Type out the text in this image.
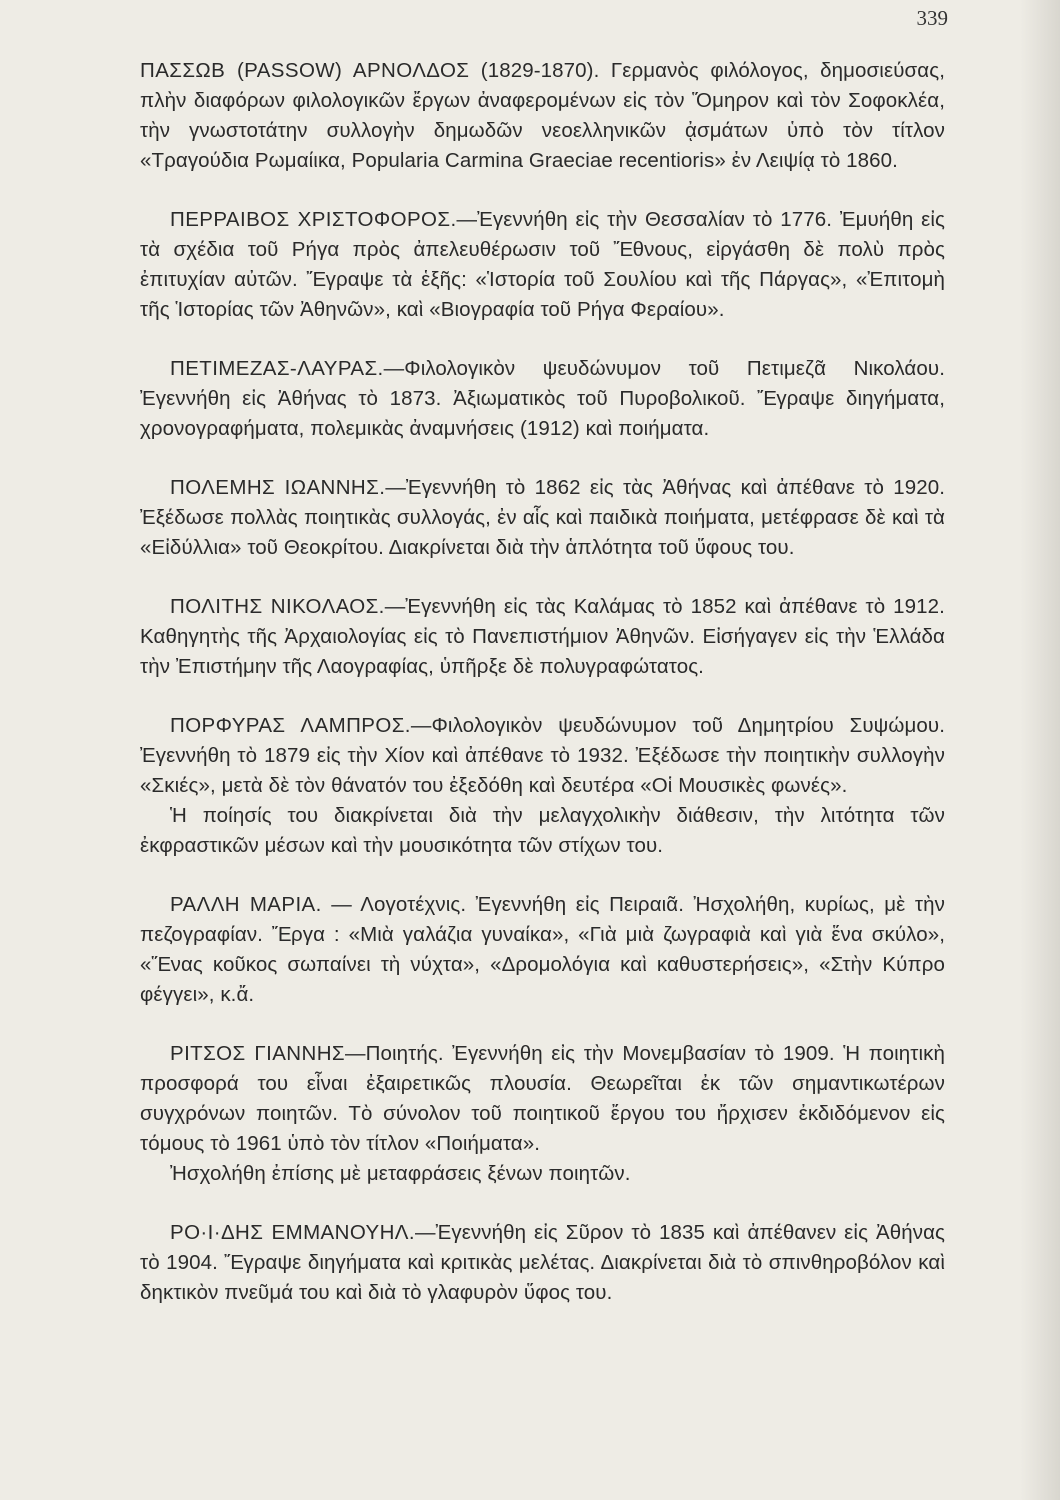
339

ΠΑΣΣΩΒ (PASSOW) ΑΡΝΟΛΔΟΣ (1829-1870). Γερμανὸς φιλόλογος, δημοσιεύσας, πλὴν διαφόρων φιλολογικῶν ἔργων ἀναφερομένων εἰς τὸν Ὅμηρον καὶ τὸν Σοφοκλέα, τὴν γνωστοτάτην συλλογὴν δημωδῶν νεοελληνικῶν ᾀσμάτων ὑπὸ τὸν τίτλον «Τραγούδια Ρωμαίικα, Popularia Carmina Graeciae recentioris» ἐν Λειψίᾳ τὸ 1860.

ΠΕΡΡΑΙΒΟΣ ΧΡΙΣΤΟΦΟΡΟΣ.—Ἐγεννήθη εἰς τὴν Θεσσαλίαν τὸ 1776. Ἐμυήθη εἰς τὰ σχέδια τοῦ Ρήγα πρὸς ἀπελευθέρωσιν τοῦ Ἔθνους, εἰργάσθη δὲ πολὺ πρὸς ἐπιτυχίαν αὐτῶν. Ἔγραψε τὰ ἑξῆς: «Ἱστορία τοῦ Σουλίου καὶ τῆς Πάργας», «Ἐπιτομὴ τῆς Ἱστορίας τῶν Ἀθηνῶν», καὶ «Βιογραφία τοῦ Ρήγα Φεραίου».

ΠΕΤΙΜΕΖΑΣ-ΛΑΥΡΑΣ.—Φιλολογικὸν ψευδώνυμον τοῦ Πετιμεζᾶ Νικολάου. Ἐγεννήθη εἰς Ἀθήνας τὸ 1873. Ἀξιωματικὸς τοῦ Πυροβολικοῦ. Ἔγραψε διηγήματα, χρονογραφήματα, πολεμικὰς ἀναμνήσεις (1912) καὶ ποιήματα.

ΠΟΛΕΜΗΣ ΙΩΑΝΝΗΣ.—Ἐγεννήθη τὸ 1862 εἰς τὰς Ἀθήνας καὶ ἀπέθανε τὸ 1920. Ἐξέδωσε πολλὰς ποιητικὰς συλλογάς, ἐν αἷς καὶ παιδικὰ ποιήματα, μετέφρασε δὲ καὶ τὰ «Εἰδύλλια» τοῦ Θεοκρίτου. Διακρίνεται διὰ τὴν ἁπλότητα τοῦ ὕφους του.

ΠΟΛΙΤΗΣ ΝΙΚΟΛΑΟΣ.—Ἐγεννήθη εἰς τὰς Καλάμας τὸ 1852 καὶ ἀπέθανε τὸ 1912. Καθηγητὴς τῆς Ἀρχαιολογίας εἰς τὸ Πανεπιστήμιον Ἀθηνῶν. Εἰσήγαγεν εἰς τὴν Ἑλλάδα τὴν Ἐπιστήμην τῆς Λαογραφίας, ὑπῆρξε δὲ πολυγραφώτατος.

ΠΟΡΦΥΡΑΣ ΛΑΜΠΡΟΣ.—Φιλολογικὸν ψευδώνυμον τοῦ Δημητρίου Συψώμου. Ἐγεννήθη τὸ 1879 εἰς τὴν Χίον καὶ ἀπέθανε τὸ 1932. Ἐξέδωσε τὴν ποιητικὴν συλλογὴν «Σκιές», μετὰ δὲ τὸν θάνατόν του ἐξεδόθη καὶ δευτέρα «Οἱ Μουσικὲς φωνές».

Ἡ ποίησίς του διακρίνεται διὰ τὴν μελαγχολικὴν διάθεσιν, τὴν λιτότητα τῶν ἐκφραστικῶν μέσων καὶ τὴν μουσικότητα τῶν στίχων του.

ΡΑΛΛΗ ΜΑΡΙΑ. — Λογοτέχνις. Ἐγεννήθη εἰς Πειραιᾶ. Ἠσχολήθη, κυρίως, μὲ τὴν πεζογραφίαν. Ἔργα : «Μιὰ γαλάζια γυναίκα», «Γιὰ μιὰ ζωγραφιὰ καὶ γιὰ ἕνα σκύλο», «Ἕνας κοῦκος σωπαίνει τὴ νύχτα», «Δρομολόγια καὶ καθυστερήσεις», «Στὴν Κύπρο φέγγει», κ.ἄ.

ΡΙΤΣΟΣ ΓΙΑΝΝΗΣ—Ποιητής. Ἐγεννήθη εἰς τὴν Μονεμβασίαν τὸ 1909. Ἡ ποιητικὴ προσφορά του εἶναι ἐξαιρετικῶς πλουσία. Θεωρεῖται ἐκ τῶν σημαντικωτέρων συγχρόνων ποιητῶν. Τὸ σύνολον τοῦ ποιητικοῦ ἔργου του ἤρχισεν ἐκδιδόμενον εἰς τόμους τὸ 1961 ὑπὸ τὸν τίτλον «Ποιήματα».

Ἠσχολήθη ἐπίσης μὲ μεταφράσεις ξένων ποιητῶν.

ΡΟ·Ι·ΔΗΣ ΕΜΜΑΝΟΥΗΛ.—Ἐγεννήθη εἰς Σῦρον τὸ 1835 καὶ ἀπέθανεν εἰς Ἀθήνας τὸ 1904. Ἔγραψε διηγήματα καὶ κριτικὰς μελέτας. Διακρίνεται διὰ τὸ σπινθηροβόλον καὶ δηκτικὸν πνεῦμά του καὶ διὰ τὸ γλαφυρὸν ὕφος του.
